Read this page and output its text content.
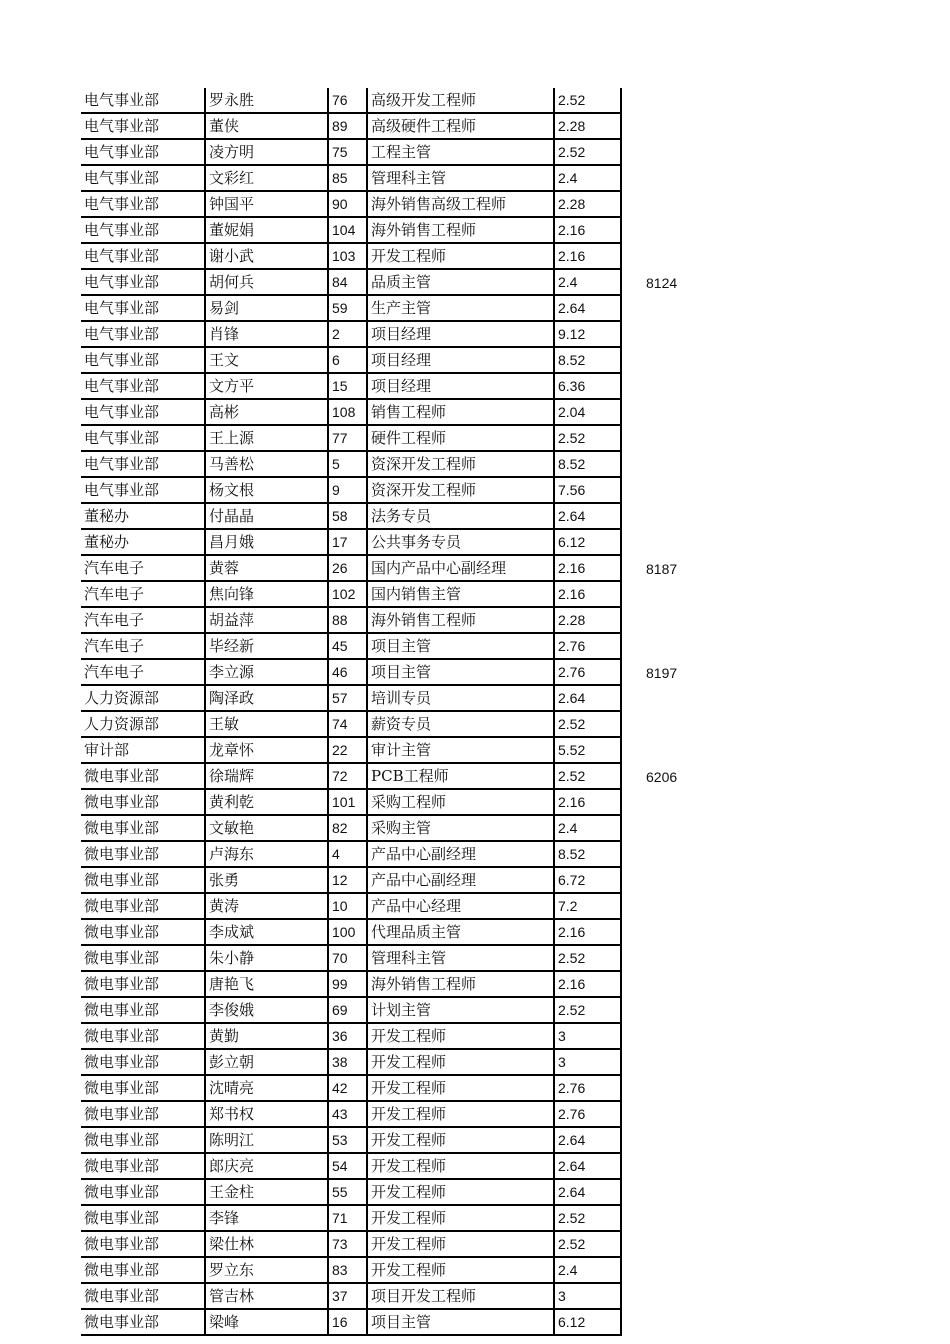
电气事业部	罗永胜	76	高级开发工程师	2.52	
电气事业部	董侠	89	高级硬件工程师	2.28	
电气事业部	凌方明	75	工程主管	2.52	
电气事业部	文彩红	85	管理科主管	2.4	
电气事业部	钟国平	90	海外销售高级工程师	2.28	
电气事业部	董妮娟	104	海外销售工程师	2.16	
电气事业部	谢小武	103	开发工程师	2.16	
电气事业部	胡何兵	84	品质主管	2.4	8124
电气事业部	易剑	59	生产主管	2.64	
电气事业部	肖锋	2	项目经理	9.12	
电气事业部	王文	6	项目经理	8.52	
电气事业部	文方平	15	项目经理	6.36	
电气事业部	高彬	108	销售工程师	2.04	
电气事业部	王上源	77	硬件工程师	2.52	
电气事业部	马善松	5	资深开发工程师	8.52	
电气事业部	杨文根	9	资深开发工程师	7.56	
董秘办	付晶晶	58	法务专员	2.64	
董秘办	昌月娥	17	公共事务专员	6.12	
汽车电子	黄蓉	26	国内产品中心副经理	2.16	8187
汽车电子	焦向锋	102	国内销售主管	2.16	
汽车电子	胡益萍	88	海外销售工程师	2.28	
汽车电子	毕经新	45	项目主管	2.76	
汽车电子	李立源	46	项目主管	2.76	8197
人力资源部	陶泽政	57	培训专员	2.64	
人力资源部	王敏	74	薪资专员	2.52	
审计部	龙章怀	22	审计主管	5.52	
微电事业部	徐瑞辉	72	PCB工程师	2.52	6206
微电事业部	黄利乾	101	采购工程师	2.16	
微电事业部	文敏艳	82	采购主管	2.4	
微电事业部	卢海东	4	产品中心副经理	8.52	
微电事业部	张勇	12	产品中心副经理	6.72	
微电事业部	黄涛	10	产品中心经理	7.2	
微电事业部	李成斌	100	代理品质主管	2.16	
微电事业部	朱小静	70	管理科主管	2.52	
微电事业部	唐艳飞	99	海外销售工程师	2.16	
微电事业部	李俊娥	69	计划主管	2.52	
微电事业部	黄勤	36	开发工程师	3	
微电事业部	彭立朝	38	开发工程师	3	
微电事业部	沈晴亮	42	开发工程师	2.76	
微电事业部	郑书权	43	开发工程师	2.76	
微电事业部	陈明江	53	开发工程师	2.64	
微电事业部	郎庆亮	54	开发工程师	2.64	
微电事业部	王金柱	55	开发工程师	2.64	
微电事业部	李锋	71	开发工程师	2.52	
微电事业部	梁仕林	73	开发工程师	2.52	
微电事业部	罗立东	83	开发工程师	2.4	
微电事业部	管吉林	37	项目开发工程师	3	
微电事业部	梁峰	16	项目主管	6.12	
